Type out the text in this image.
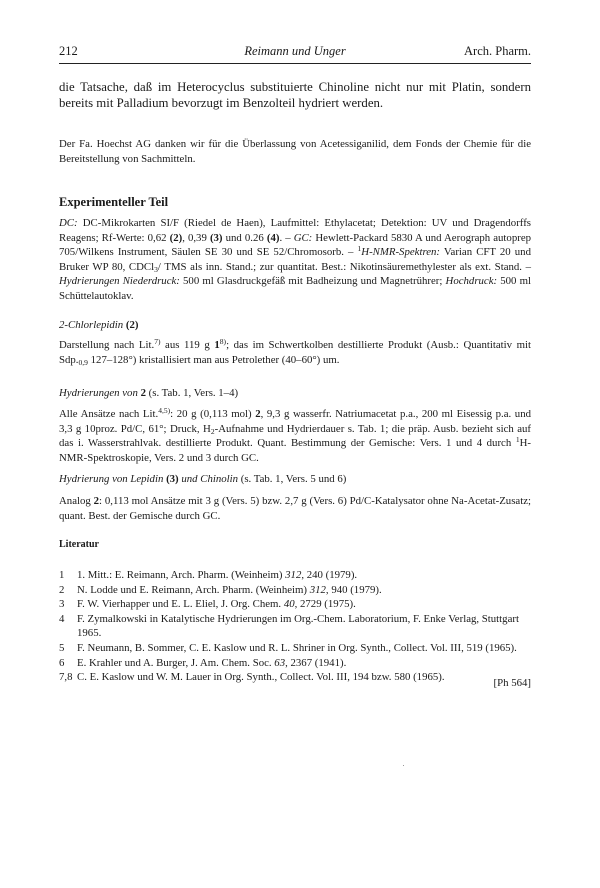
212	Reimann und Unger	Arch. Pharm.
die Tatsache, daß im Heterocyclus substituierte Chinoline nicht nur mit Platin, sondern bereits mit Palladium bevorzugt im Benzolteil hydriert werden.
Der Fa. Hoechst AG danken wir für die Überlassung von Acetessiganilid, dem Fonds der Chemie für die Bereitstellung von Sachmitteln.
Experimenteller Teil
DC: DC-Mikrokarten SI/F (Riedel de Haen), Laufmittel: Ethylacetat; Detektion: UV und Dragendorffs Reagens; Rf-Werte: 0,62 (2), 0,39 (3) und 0.26 (4). – GC: Hewlett-Packard 5830 A und Aerograph autoprep 705/Wilkens Instrument, Säulen SE 30 und SE 52/Chromosorb. – $^1$H-NMR-Spektren: Varian CFT 20 und Bruker WP 80, CDCl$_3$/ TMS als inn. Stand.; zur quantitat. Best.: Nikotinsäuremethylester als ext. Stand. – Hydrierungen Niederdruck: 500 ml Glasdruckgefäß mit Badheizung und Magnetrührer; Hochdruck: 500 ml Schüttelautoklav.
2-Chlorlepidin (2)
Darstellung nach Lit.$^{7)}$ aus 119 g 1$^{8)}$; das im Schwertkolben destillierte Produkt (Ausb.: Quantitativ mit $Sdp._{0,9}$ 127–128°) kristallisiert man aus Petrolether (40–60°) um.
Hydrierungen von 2 (s. Tab. 1, Vers. 1–4)
Alle Ansätze nach Lit.$^{4,5)}$: 20 g (0,113 mol) 2, 9,3 g wasserfr. Natriumacetat p.a., 200 ml Eisessig p.a. und 3,3 g 10proz. Pd/C, 61°; Druck, $H_2$-Aufnahme und Hydrierdauer s. Tab. 1; die präp. Ausb. bezieht sich auf das i. Wasserstrahlvak. destillierte Produkt. Quant. Bestimmung der Gemische: Vers. 1 und 4 durch $^1$H-NMR-Spektroskopie, Vers. 2 und 3 durch GC.
Hydrierung von Lepidin (3) und Chinolin (s. Tab. 1, Vers. 5 und 6)
Analog 2: 0,113 mol Ansätze mit 3 g (Vers. 5) bzw. 2,7 g (Vers. 6) Pd/C-Katalysator ohne Na-Acetat-Zusatz; quant. Best. der Gemische durch GC.
Literatur
1 1. Mitt.: E. Reimann, Arch. Pharm. (Weinheim) 312, 240 (1979).
2 N. Lodde und E. Reimann, Arch. Pharm. (Weinheim) 312, 940 (1979).
3 F. W. Vierhapper und E. L. Eliel, J. Org. Chem. 40, 2729 (1975).
4 F. Zymalkowski in Katalytische Hydrierungen im Org.-Chem. Laboratorium, F. Enke Verlag, Stuttgart 1965.
5 F. Neumann, B. Sommer, C. E. Kaslow und R. L. Shriner in Org. Synth., Collect. Vol. III, 519 (1965).
6 E. Krahler und A. Burger, J. Am. Chem. Soc. 63, 2367 (1941).
7,8 C. E. Kaslow und W. M. Lauer in Org. Synth., Collect. Vol. III, 194 bzw. 580 (1965).	[Ph 564]
